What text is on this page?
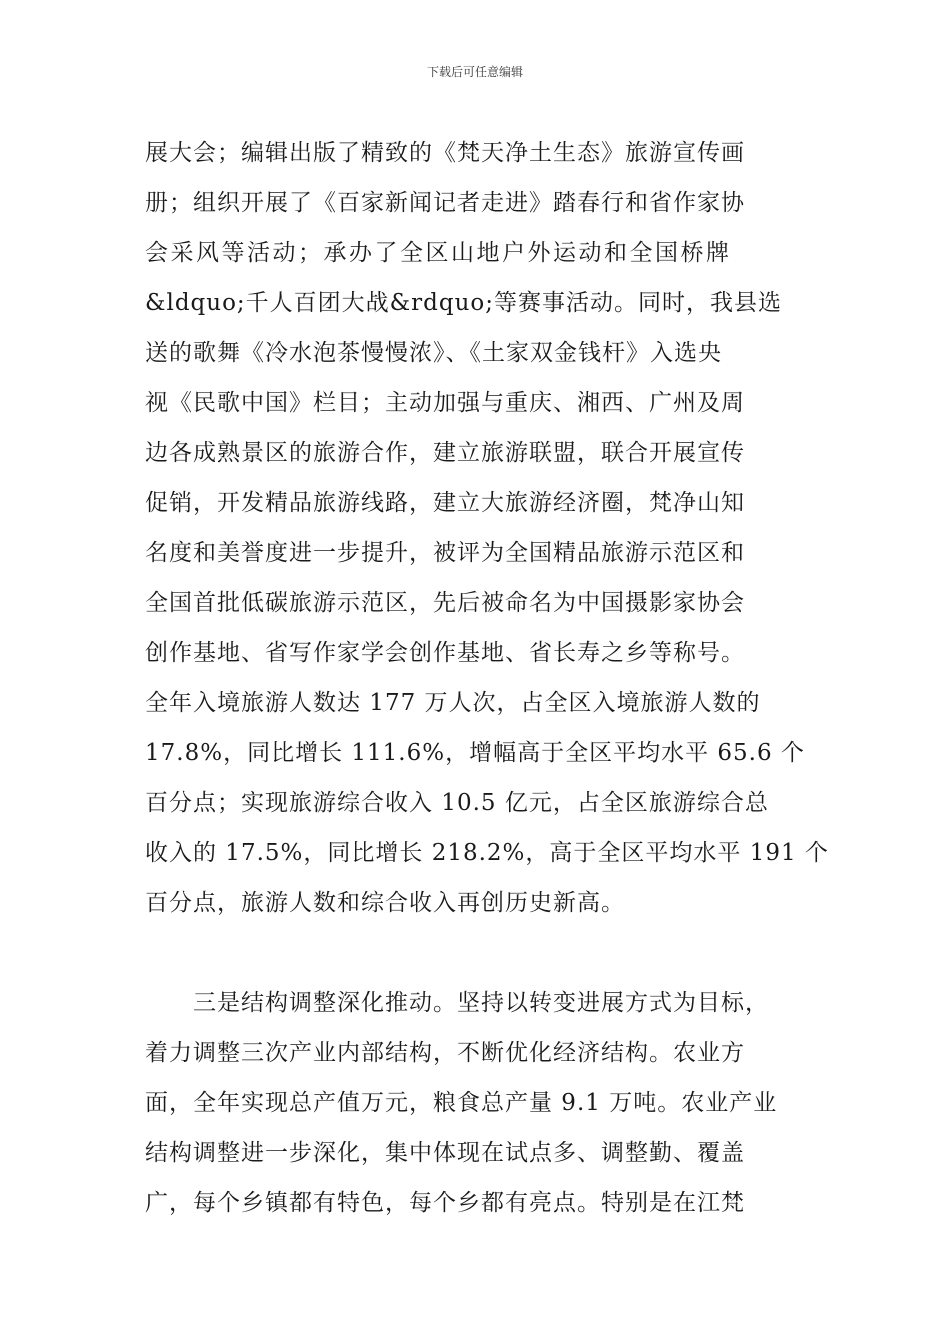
下载后可任意编辑
展大会；编辑出版了精致的《梵天净土生态》旅游宣传画
册；组织开展了《百家新闻记者走进》踏春行和省作家协
会采风等活动；承办了全区山地户外运动和全国桥牌
&ldquo;千人百团大战&rdquo;等赛事活动。同时，我县选
送的歌舞《冷水泡茶慢慢浓》、《土家双金钱杆》入选央
视《民歌中国》栏目；主动加强与重庆、湘西、广州及周
边各成熟景区的旅游合作，建立旅游联盟，联合开展宣传
促销，开发精品旅游线路，建立大旅游经济圈，梵净山知
名度和美誉度进一步提升，被评为全国精品旅游示范区和
全国首批低碳旅游示范区，先后被命名为中国摄影家协会
创作基地、省写作家学会创作基地、省长寿之乡等称号。
全年入境旅游人数达 177 万人次，占全区入境旅游人数的
17.8%，同比增长 111.6%，增幅高于全区平均水平 65.6 个
百分点；实现旅游综合收入 10.5 亿元，占全区旅游综合总
收入的 17.5%，同比增长 218.2%，高于全区平均水平 191 个
百分点，旅游人数和综合收入再创历史新高。
　　三是结构调整深化推动。坚持以转变进展方式为目标，
着力调整三次产业内部结构，不断优化经济结构。农业方
面，全年实现总产值万元，粮食总产量 9.1 万吨。农业产业
结构调整进一步深化，集中体现在试点多、调整勤、覆盖
广，每个乡镇都有特色，每个乡都有亮点。特别是在江梵
